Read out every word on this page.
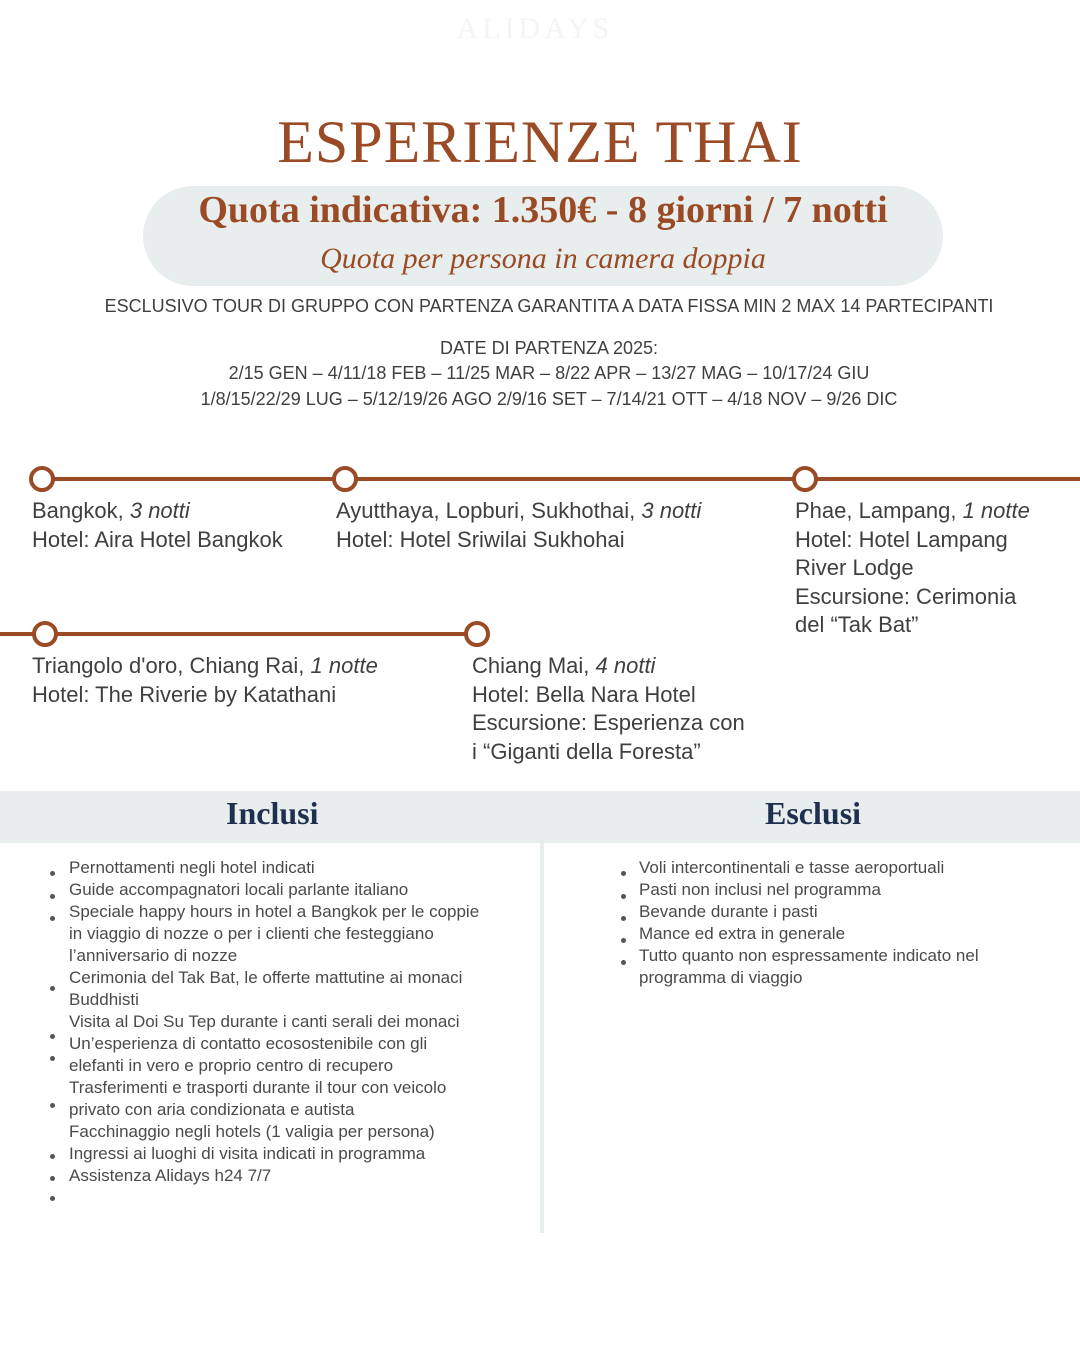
ALIDAYS
ESPERIENZE THAI
Quota indicativa: 1.350€ - 8 giorni / 7 notti
Quota per persona in camera doppia
ESCLUSIVO TOUR DI GRUPPO CON PARTENZA GARANTITA A DATA FISSA MIN 2 MAX 14 PARTECIPANTI
DATE DI PARTENZA 2025:
2/15 GEN – 4/11/18 FEB – 11/25 MAR – 8/22 APR – 13/27 MAG – 10/17/24 GIU
1/8/15/22/29 LUG – 5/12/19/26 AGO 2/9/16 SET – 7/14/21 OTT – 4/18 NOV – 9/26 DIC
Bangkok, 3 notti
Hotel: Aira Hotel Bangkok
Ayutthaya, Lopburi, Sukhothai, 3 notti
Hotel: Hotel Sriwilai Sukhohai
Phae, Lampang, 1 notte
Hotel: Hotel Lampang
River Lodge
Escursione: Cerimonia
del “Tak Bat”
Triangolo d'oro, Chiang Rai, 1 notte
Hotel: The Riverie by Katathani
Chiang Mai, 4 notti
Hotel: Bella Nara Hotel
Escursione: Esperienza con
i “Giganti della Foresta”
Inclusi	Esclusi
Pernottamenti negli hotel indicati
Guide accompagnatori locali parlante italiano
Speciale happy hours in hotel a Bangkok per le coppie
in viaggio di nozze o per i clienti che festeggiano
l’anniversario di nozze
Cerimonia del Tak Bat, le offerte mattutine ai monaci
Buddhisti
Visita al Doi Su Tep durante i canti serali dei monaci
Un’esperienza di contatto ecosostenibile con gli
elefanti in vero e proprio centro di recupero
Trasferimenti e trasporti durante il tour con veicolo
privato con aria condizionata e autista
Facchinaggio negli hotels (1 valigia per persona)
Ingressi ai luoghi di visita indicati in programma
Assistenza Alidays h24 7/7
Voli intercontinentali e tasse aeroportuali
Pasti non inclusi nel programma
Bevande durante i pasti
Mance ed extra in generale
Tutto quanto non espressamente indicato nel
programma di viaggio
